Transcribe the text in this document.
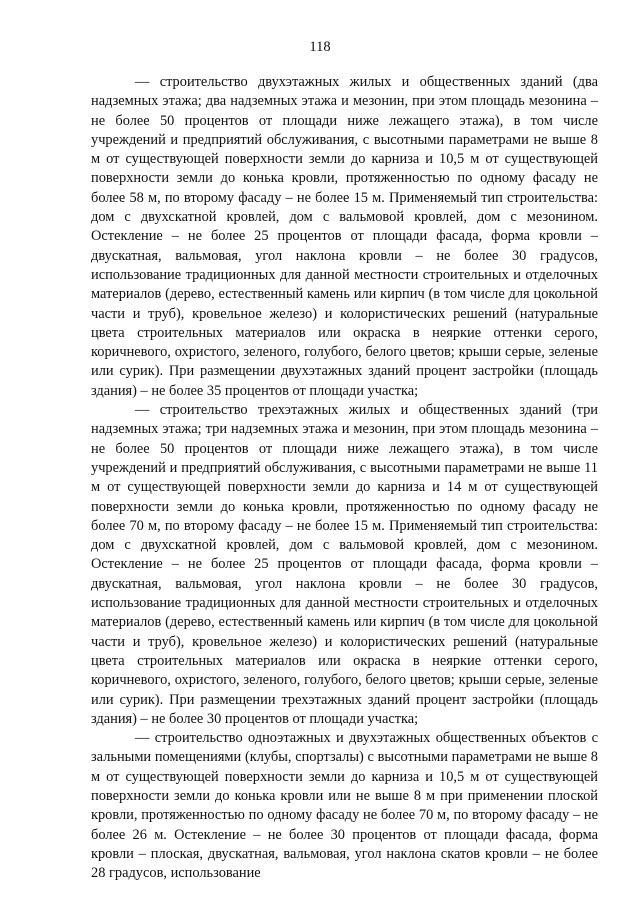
118

— строительство двухэтажных жилых и общественных зданий (два надземных этажа; два надземных этажа и мезонин, при этом площадь мезонина – не более 50 процентов от площади ниже лежащего этажа), в том числе учреждений и предприятий обслуживания, с высотными параметрами не выше 8 м от существующей поверхности земли до карниза и 10,5 м от существующей поверхности земли до конька кровли, протяженностью по одному фасаду не более 58 м, по второму фасаду – не более 15 м. Применяемый тип строительства: дом с двухскатной кровлей, дом с вальмовой кровлей, дом с мезонином. Остекление – не более 25 процентов от площади фасада, форма кровли – двускатная, вальмовая, угол наклона кровли – не более 30 градусов, использование традиционных для данной местности строительных и отделочных материалов (дерево, естественный камень или кирпич (в том числе для цокольной части и труб), кровельное железо) и колористических решений (натуральные цвета строительных материалов или окраска в неяркие оттенки серого, коричневого, охристого, зеленого, голубого, белого цветов; крыши серые, зеленые или сурик). При размещении двухэтажных зданий процент застройки (площадь здания) – не более 35 процентов от площади участка;

— строительство трехэтажных жилых и общественных зданий (три надземных этажа; три надземных этажа и мезонин, при этом площадь мезонина – не более 50 процентов от площади ниже лежащего этажа), в том числе учреждений и предприятий обслуживания, с высотными параметрами не выше 11 м от существующей поверхности земли до карниза и 14 м от существующей поверхности земли до конька кровли, протяженностью по одному фасаду не более 70 м, по второму фасаду – не более 15 м. Применяемый тип строительства: дом с двухскатной кровлей, дом с вальмовой кровлей, дом с мезонином. Остекление – не более 25 процентов от площади фасада, форма кровли – двускатная, вальмовая, угол наклона кровли – не более 30 градусов, использование традиционных для данной местности строительных и отделочных материалов (дерево, естественный камень или кирпич (в том числе для цокольной части и труб), кровельное железо) и колористических решений (натуральные цвета строительных материалов или окраска в неяркие оттенки серого, коричневого, охристого, зеленого, голубого, белого цветов; крыши серые, зеленые или сурик). При размещении трехэтажных зданий процент застройки (площадь здания) – не более 30 процентов от площади участка;

— строительство одноэтажных и двухэтажных общественных объектов с зальными помещениями (клубы, спортзалы) с высотными параметрами не выше 8 м от существующей поверхности земли до карниза и 10,5 м от существующей поверхности земли до конька кровли или не выше 8 м при применении плоской кровли, протяженностью по одному фасаду не более 70 м, по второму фасаду – не более 26 м. Остекление – не более 30 процентов от площади фасада, форма кровли – плоская, двускатная, вальмовая, угол наклона скатов кровли – не более 28 градусов, использование
